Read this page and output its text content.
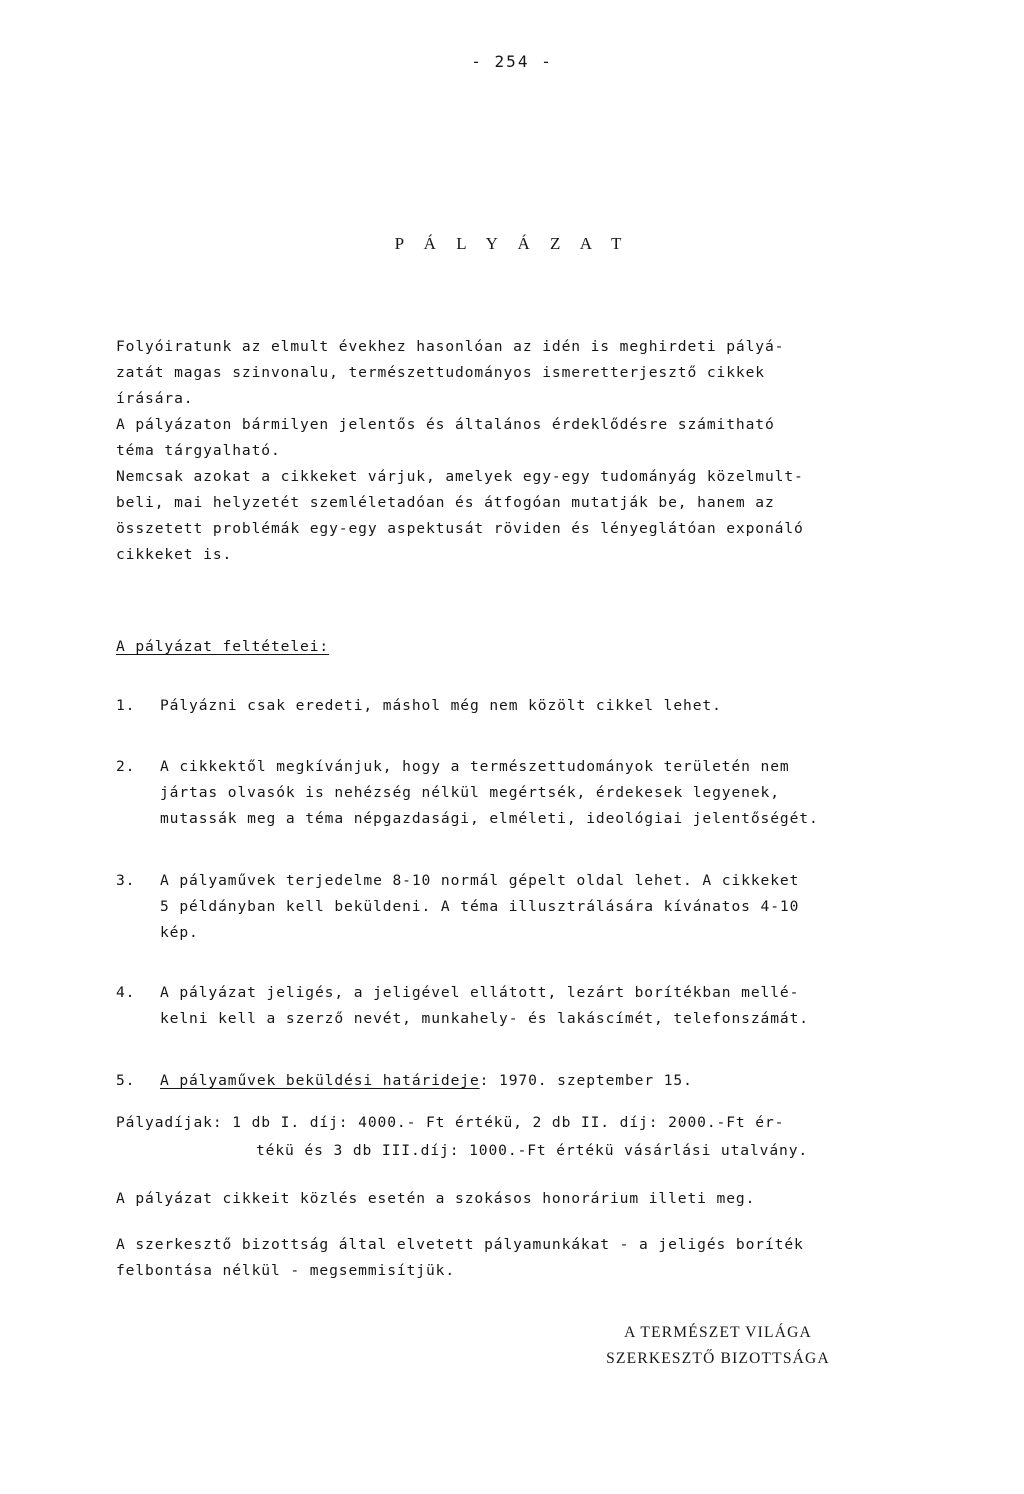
- 254 -
P Á L Y Á Z A T

Folyóiratunk az elmult évekhez hasonlóan az idén is meghirdeti pályá-

zatát magas szinvonalu, természettudományos ismeretterjesztő cikkek

írására.

A pályázaton bármilyen jelentős és általános érdeklődésre számitható

téma tárgyalható.

Nemcsak azokat a cikkeket várjuk, amelyek egy-egy tudományág közelmult-

beli, mai helyzetét szemléletadóan és átfogóan mutatják be, hanem az

összetett problémák egy-egy aspektusát röviden és lényeglátóan exponáló

cikkeket is.

A pályázat feltételei:
1. Pályázni csak eredeti, máshol még nem közölt cikkel lehet.

2. A cikkektől megkívánjuk, hogy a természettudományok területén nem

jártas olvasók is nehézség nélkül megértsék, érdekesek legyenek,

mutassák meg a téma népgazdasági, elméleti, ideológiai jelentőségét.

3. A pályaművek terjedelme 8-10 normál gépelt oldal lehet. A cikkeket

5 példányban kell beküldeni. A téma illusztrálására kívánatos 4-10

kép.

4. A pályázat jeligés, a jeligével ellátott, lezárt borítékban mellé-

kelni kell a szerző nevét, munkahely- és lakáscímét, telefonszámát.

5. A pályaművek beküldési határideje: 1970. szeptember 15.
Pályadíjak: 1 db I. díj: 4000.- Ft értékü, 2 db II. díj: 2000.-Ft ér-
tékü és 3 db III.díj: 1000.-Ft értékü vásárlási utalvány.
A pályázat cikkeit közlés esetén a szokásos honorárium illeti meg.

A szerkesztő bizottság által elvetett pályamunkákat - a jeligés boríték

felbontása nélkül - megsemmisítjük.

A TERMÉSZET VILÁGA
SZERKESZTŐ BIZOTTSÁGA
